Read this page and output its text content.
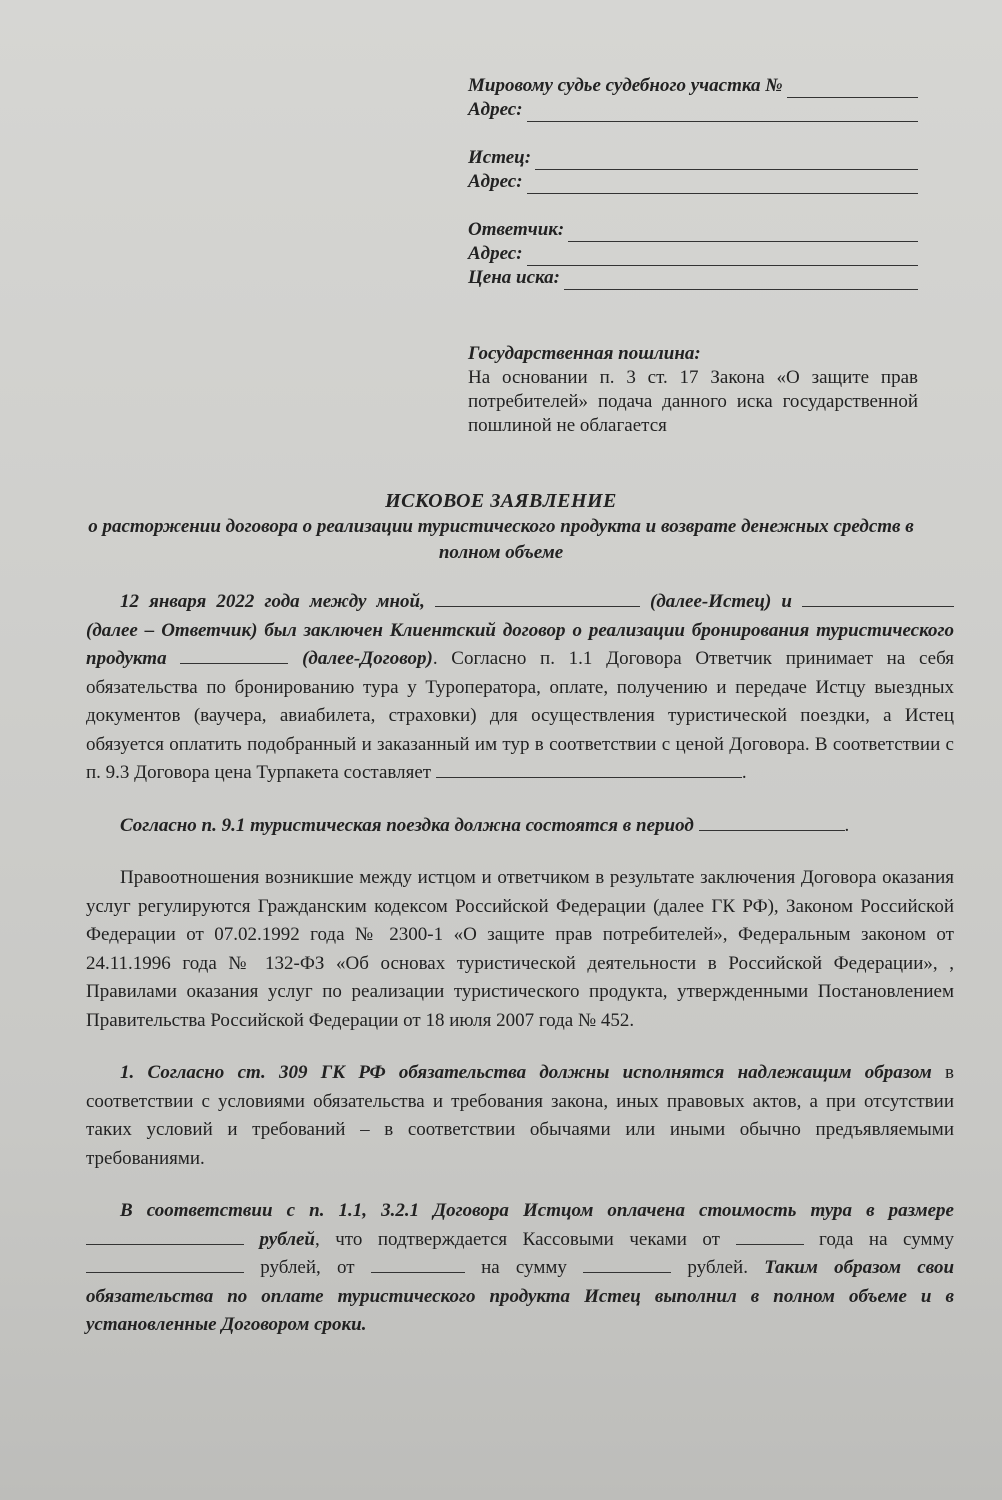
Мировому судье судебного участка №
Адрес:
Истец:
Адрес:
Ответчик:
Адрес:
Цена иска:
Государственная пошлина:
На основании п. 3 ст. 17 Закона «О защите прав потребителей» подача данного иска государственной пошлиной не облагается
ИСКОВОЕ ЗАЯВЛЕНИЕ
о расторжении договора о реализации туристического продукта и возврате денежных средств в полном объеме

12 января 2022 года между мной,	(далее-Истец) и  (далее – Ответчик) был заключен Клиентский договор о реализации бронирования туристического продукта	(далее-Договор). Согласно п. 1.1 Договора Ответчик принимает на себя обязательства по бронированию тура у Туроператора, оплате, получению и передаче Истцу выездных документов (ваучера, авиабилета, страховки) для осуществления туристической поездки, а Истец обязуется оплатить подобранный и заказанный им тур в соответствии с ценой Договора. В соответствии с п. 9.3 Договора цена Турпакета составляет	.

Согласно п. 9.1 туристическая поездка должна состоятся в период	.

Правоотношения возникшие между истцом и ответчиком в результате заключения Договора оказания услуг регулируются Гражданским кодексом Российской Федерации (далее ГК РФ), Законом Российской Федерации от 07.02.1992 года № 2300-1 «О защите прав потребителей», Федеральным законом от 24.11.1996 года № 132-ФЗ «Об основах туристической деятельности в Российской Федерации», , Правилами оказания услуг по реализации туристического продукта, утвержденными Постановлением Правительства Российской Федерации от 18 июля 2007 года № 452.

1. Согласно ст. 309 ГК РФ обязательства должны исполнятся надлежащим образом в соответствии с условиями обязательства и требования закона, иных правовых актов, а при отсутствии таких условий и требований – в соответствии обычаями или иными обычно предъявляемыми требованиями.

В соответствии с п. 1.1, 3.2.1 Договора Истцом оплачена стоимость тура в размере  рублей, что подтверждается Кассовыми чеками от	года на сумму  рублей, от	на сумму	рублей. Таким образом свои обязательства по оплате туристического продукта Истец выполнил в полном объеме и в установленные Договором сроки.
